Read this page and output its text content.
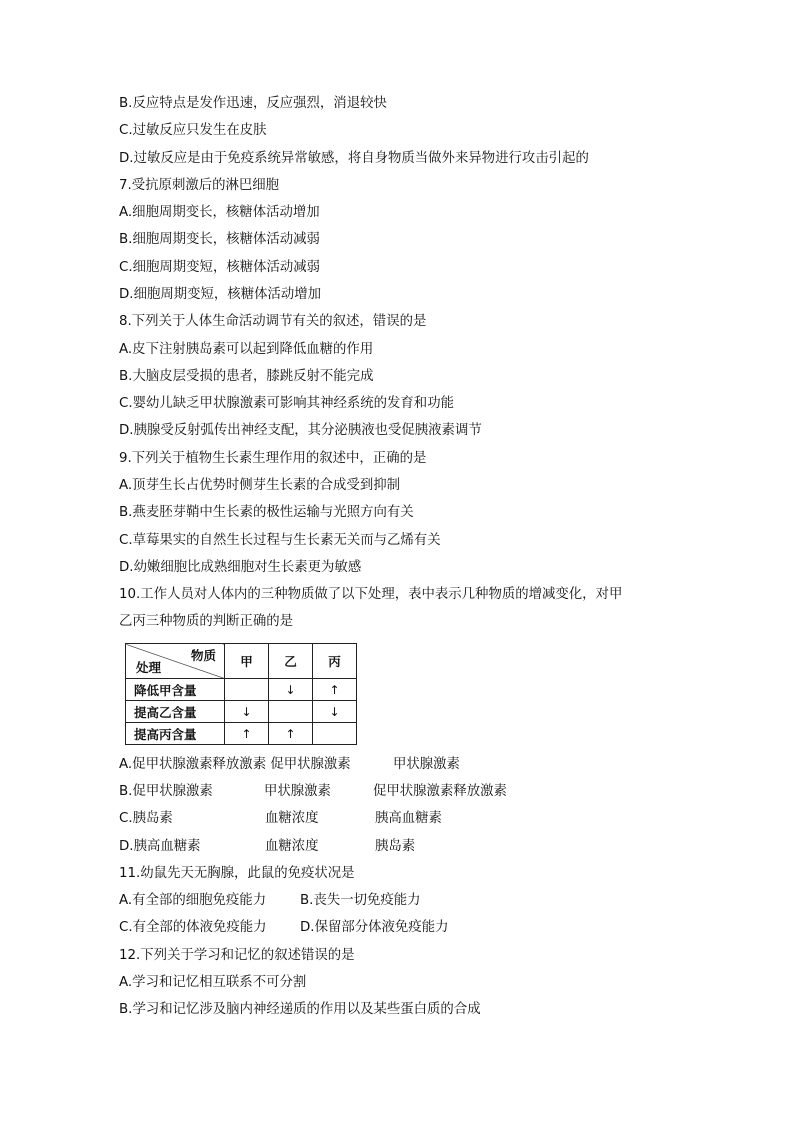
B.反应特点是发作迅速，反应强烈，消退较快
C.过敏反应只发生在皮肤
D.过敏反应是由于免疫系统异常敏感，将自身物质当做外来异物进行攻击引起的
7.受抗原刺激后的淋巴细胞
A.细胞周期变长，核糖体活动增加
B.细胞周期变长，核糖体活动减弱
C.细胞周期变短，核糖体活动减弱
D.细胞周期变短，核糖体活动增加
8.下列关于人体生命活动调节有关的叙述，错误的是
A.皮下注射胰岛素可以起到降低血糖的作用
B.大脑皮层受损的患者，膝跳反射不能完成
C.婴幼儿缺乏甲状腺激素可影响其神经系统的发育和功能
D.胰腺受反射弧传出神经支配，其分泌胰液也受促胰液素调节
9.下列关于植物生长素生理作用的叙述中，正确的是
A.顶芽生长占优势时侧芽生长素的合成受到抑制
B.燕麦胚芽鞘中生长素的极性运输与光照方向有关
C.草莓果实的自然生长过程与生长素无关而与乙烯有关
D.幼嫩细胞比成熟细胞对生长素更为敏感
10.工作人员对人体内的三种物质做了以下处理，表中表示几种物质的增减变化，对甲
乙丙三种物质的判断正确的是
物质
处理	甲	乙	丙
降低甲含量		↓	↑
提高乙含量	↓		↓
提高丙含量	↑	↑	
A.促甲状腺激素释放激素 促甲状腺激素	甲状腺激素
B.促甲状腺激素	甲状腺激素	促甲状腺激素释放激素
C.胰岛素	血糖浓度	胰高血糖素
D.胰高血糖素	血糖浓度	胰岛素
11.幼鼠先天无胸腺，此鼠的免疫状况是
A.有全部的细胞免疫能力	B.丧失一切免疫能力
C.有全部的体液免疫能力 D.保留部分体液免疫能力
12.下列关于学习和记忆的叙述错误的是
A.学习和记忆相互联系不可分割
B.学习和记忆涉及脑内神经递质的作用以及某些蛋白质的合成
